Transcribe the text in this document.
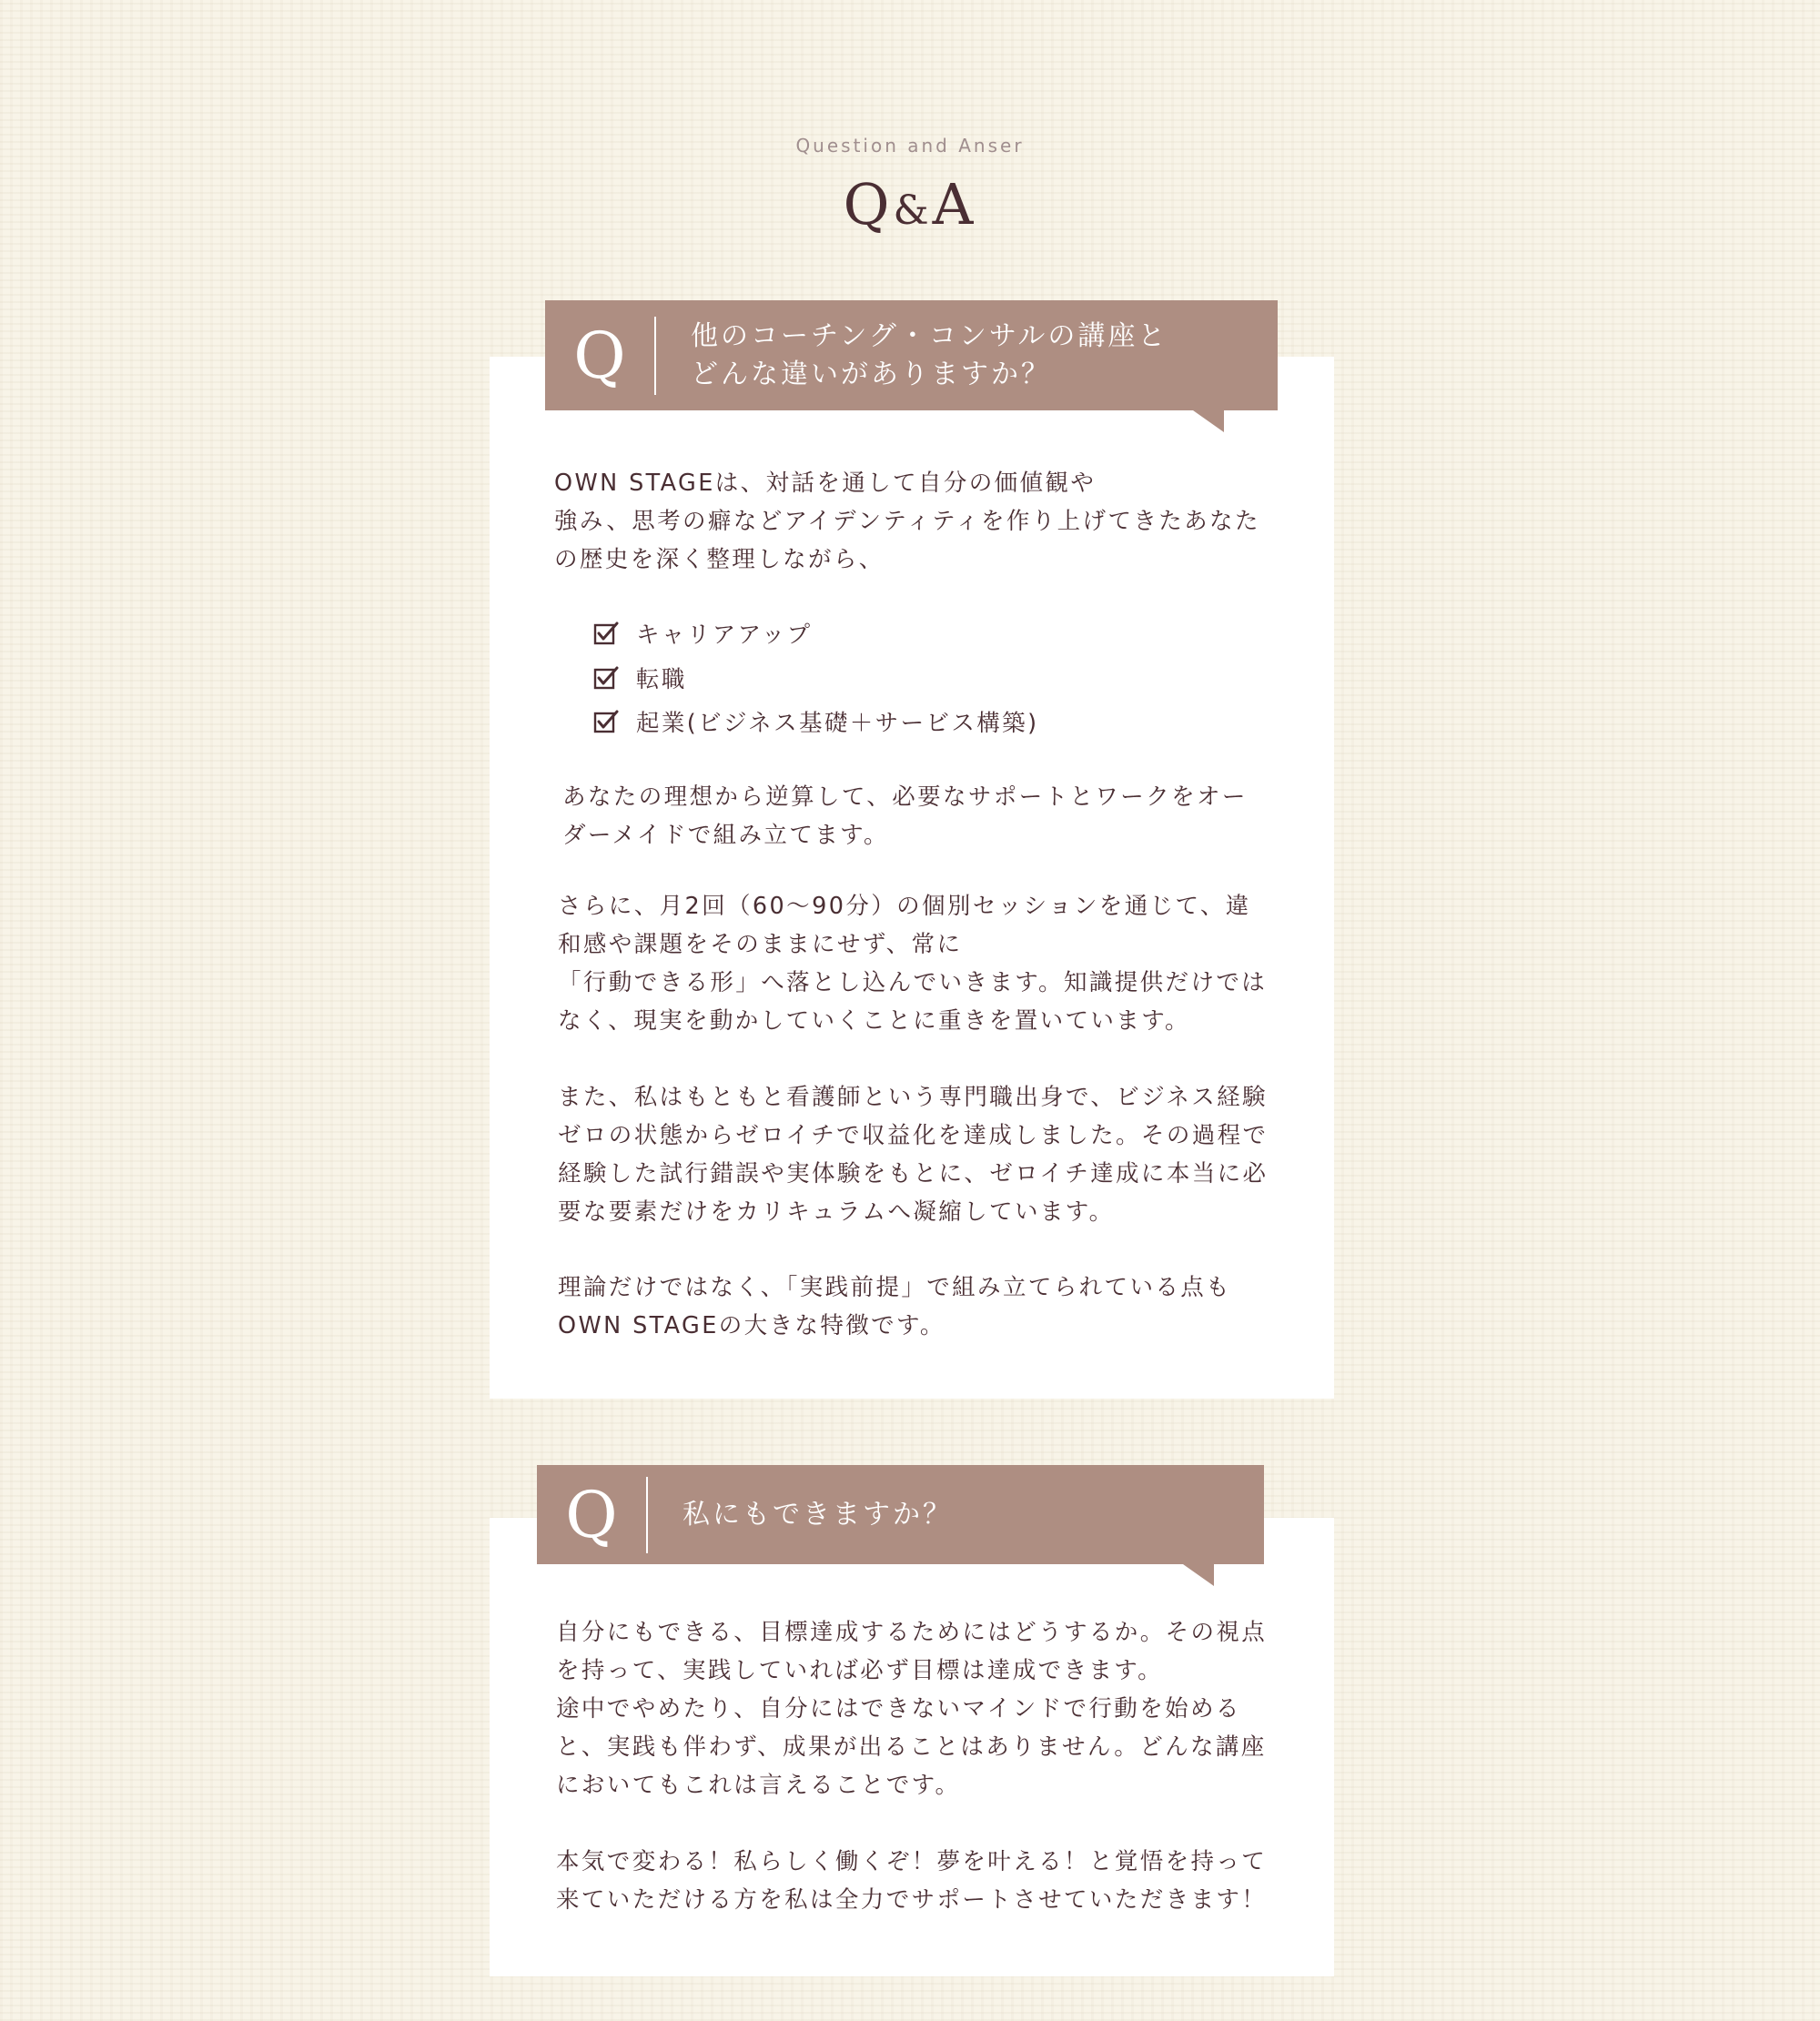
Question and Anser
Q&A
Q	他のコーチング・コンサルの講座と
どんな違いがありますか？
OWN STAGEは、対話を通して自分の価値観や
強み、思考の癖などアイデンティティを作り上げてきたあなた
の歴史を深く整理しながら、
キャリアアップ
転職
起業(ビジネス基礎＋サービス構築)
あなたの理想から逆算して、必要なサポートとワークをオー
ダーメイドで組み立てます。
さらに、月2回（60〜90分）の個別セッションを通じて、違
和感や課題をそのままにせず、常に
「行動できる形」へ落とし込んでいきます。知識提供だけでは
なく、現実を動かしていくことに重きを置いています。
また、私はもともと看護師という専門職出身で、ビジネス経験
ゼロの状態からゼロイチで収益化を達成しました。その過程で
経験した試行錯誤や実体験をもとに、ゼロイチ達成に本当に必
要な要素だけをカリキュラムへ凝縮しています。
理論だけではなく、「実践前提」で組み立てられている点も
OWN STAGEの大きな特徴です。
Q	私にもできますか？
自分にもできる、目標達成するためにはどうするか。その視点
を持って、実践していれば必ず目標は達成できます。
途中でやめたり、自分にはできないマインドで行動を始める
と、実践も伴わず、成果が出ることはありません。どんな講座
においてもこれは言えることです。
本気で変わる！私らしく働くぞ！夢を叶える！と覚悟を持って
来ていただける方を私は全力でサポートさせていただきます！
